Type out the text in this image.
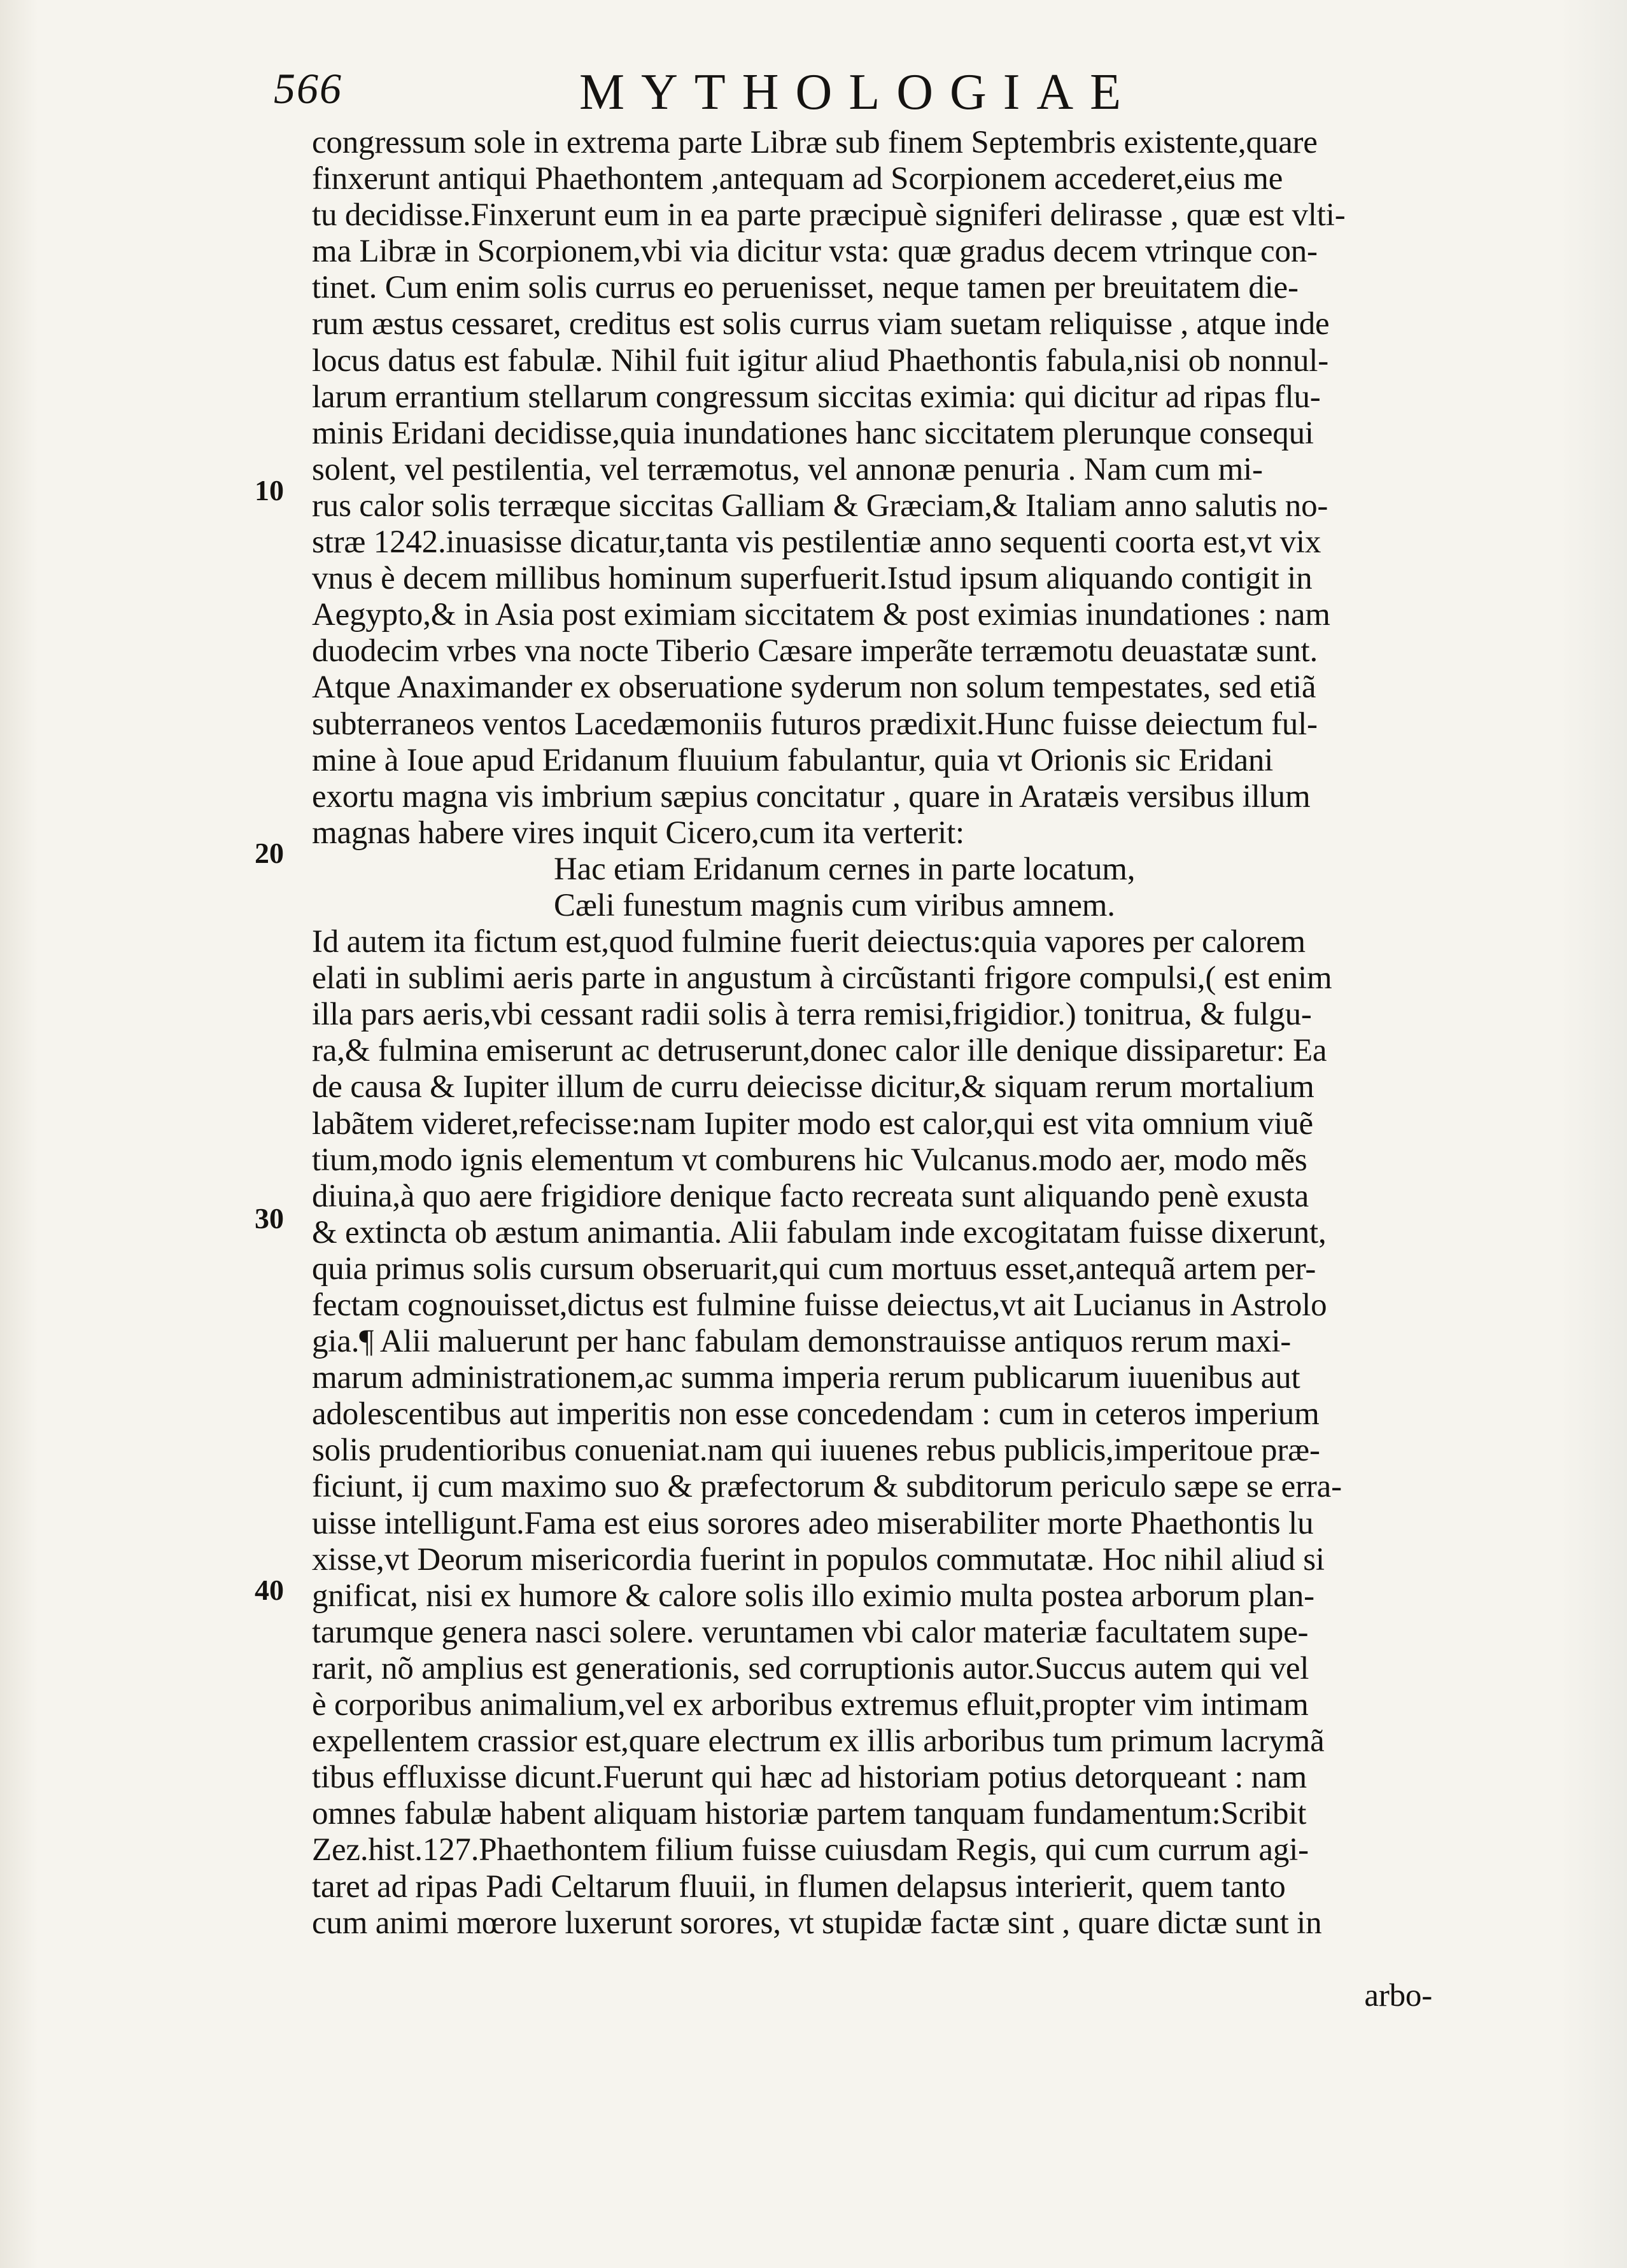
566	MYTHOLOGIAE
10
20
30
40
congressum sole in extrema parte Libræ sub finem Septembris existente,quare
finxerunt antiqui Phaethontem ,antequam ad Scorpionem accederet,eius me
tu decidisse.Finxerunt eum in ea parte præcipuè signiferi delirasse , quæ est vlti-
ma Libræ in Scorpionem,vbi via dicitur vsta: quæ gradus decem vtrinque con-
tinet. Cum enim solis currus eo peruenisset, neque tamen per breuitatem die-
rum æstus cessaret, creditus est solis currus viam suetam reliquisse , atque inde
locus datus est fabulæ. Nihil fuit igitur aliud Phaethontis fabula,nisi ob nonnul-
larum errantium stellarum congressum siccitas eximia: qui dicitur ad ripas flu-
minis Eridani decidisse,quia inundationes hanc siccitatem plerunque consequi
solent, vel pestilentia, vel terræmotus, vel annonæ penuria . Nam cum mi-
rus calor solis terræque siccitas Galliam & Græciam,& Italiam anno salutis no-
stræ 1242.inuasisse dicatur,tanta vis pestilentiæ anno sequenti coorta est,vt vix
vnus è decem millibus hominum superfuerit.Istud ipsum aliquando contigit in
Aegypto,& in Asia post eximiam siccitatem & post eximias inundationes : nam
duodecim vrbes vna nocte Tiberio Cæsare imperãte terræmotu deuastatæ sunt.
Atque Anaximander ex obseruatione syderum non solum tempestates, sed etiã
subterraneos ventos Lacedæmoniis futuros prædixit.Hunc fuisse deiectum ful-
mine à Ioue apud Eridanum fluuium fabulantur, quia vt Orionis sic Eridani
exortu magna vis imbrium sæpius concitatur , quare in Aratæis versibus illum
magnas habere vires inquit Cicero,cum ita verterit:
Hac etiam Eridanum cernes in parte locatum,
Cæli funestum magnis cum viribus amnem.
Id autem ita fictum est,quod fulmine fuerit deiectus:quia vapores per calorem
elati in sublimi aeris parte in angustum à circũstanti frigore compulsi,( est enim
illa pars aeris,vbi cessant radii solis à terra remisi,frigidior.) tonitrua, & fulgu-
ra,& fulmina emiserunt ac detruserunt,donec calor ille denique dissiparetur: Ea
de causa & Iupiter illum de curru deiecisse dicitur,& siquam rerum mortalium
labãtem videret,refecisse:nam Iupiter modo est calor,qui est vita omnium viuẽ
tium,modo ignis elementum vt comburens hic Vulcanus.modo aer, modo mẽs
diuina,à quo aere frigidiore denique facto recreata sunt aliquando penè exusta
& extincta ob æstum animantia. Alii fabulam inde excogitatam fuisse dixerunt,
quia primus solis cursum obseruarit,qui cum mortuus esset,antequã artem per-
fectam cognouisset,dictus est fulmine fuisse deiectus,vt ait Lucianus in Astrolo
gia.¶ Alii maluerunt per hanc fabulam demonstrauisse antiquos rerum maxi-
marum administrationem,ac summa imperia rerum publicarum iuuenibus aut
adolescentibus aut imperitis non esse concedendam : cum in ceteros imperium
solis prudentioribus conueniat.nam qui iuuenes rebus publicis,imperitoue præ-
ficiunt, ij cum maximo suo & præfectorum & subditorum periculo sæpe se erra-
uisse intelligunt.Fama est eius sorores adeo miserabiliter morte Phaethontis lu
xisse,vt Deorum misericordia fuerint in populos commutatæ. Hoc nihil aliud si
gnificat, nisi ex humore & calore solis illo eximio multa postea arborum plan-
tarumque genera nasci solere. veruntamen vbi calor materiæ facultatem supe-
rarit, nõ amplius est generationis, sed corruptionis autor.Succus autem qui vel
è corporibus animalium,vel ex arboribus extremus efluit,propter vim intimam
expellentem crassior est,quare electrum ex illis arboribus tum primum lacrymã
tibus effluxisse dicunt.Fuerunt qui hæc ad historiam potius detorqueant : nam
omnes fabulæ habent aliquam historiæ partem tanquam fundamentum:Scribit
Zez.hist.127.Phaethontem filium fuisse cuiusdam Regis, qui cum currum agi-
taret ad ripas Padi Celtarum fluuii, in flumen delapsus interierit, quem tanto
cum animi mœrore luxerunt sorores, vt stupidæ factæ sint , quare dictæ sunt in
arbo-
